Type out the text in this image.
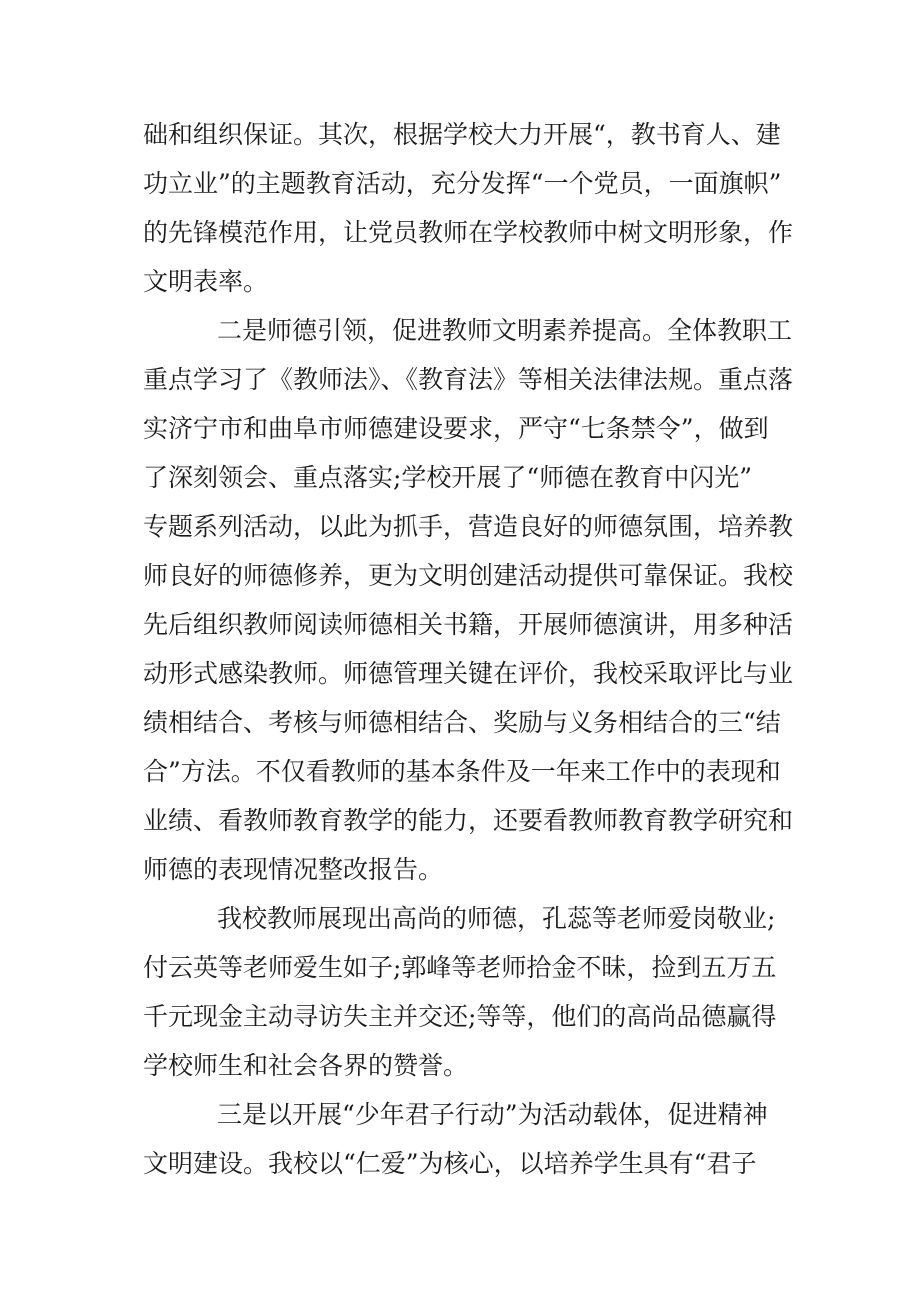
础和组织保证。其次，根据学校大力开展“，教书育人、建

功立业”的主题教育活动，充分发挥“一个党员，一面旗帜”

的先锋模范作用，让党员教师在学校教师中树文明形象，作

文明表率。

二是师德引领，促进教师文明素养提高。全体教职工

重点学习了《教师法》、《教育法》等相关法律法规。重点落

实济宁市和曲阜市师德建设要求，严守“七条禁令”，做到

了深刻领会、重点落实;学校开展了“师德在教育中闪光”

专题系列活动，以此为抓手，营造良好的师德氛围，培养教

师良好的师德修养，更为文明创建活动提供可靠保证。我校

先后组织教师阅读师德相关书籍，开展师德演讲，用多种活

动形式感染教师。师德管理关键在评价，我校采取评比与业

绩相结合、考核与师德相结合、奖励与义务相结合的三“结

合”方法。不仅看教师的基本条件及一年来工作中的表现和

业绩、看教师教育教学的能力，还要看教师教育教学研究和

师德的表现情况整改报告。

我校教师展现出高尚的师德，孔蕊等老师爱岗敬业;

付云英等老师爱生如子;郭峰等老师拾金不昧，捡到五万五

千元现金主动寻访失主并交还;等等，他们的高尚品德赢得

学校师生和社会各界的赞誉。

三是以开展“少年君子行动”为活动载体，促进精神

文明建设。我校以“仁爱”为核心，以培养学生具有“君子
